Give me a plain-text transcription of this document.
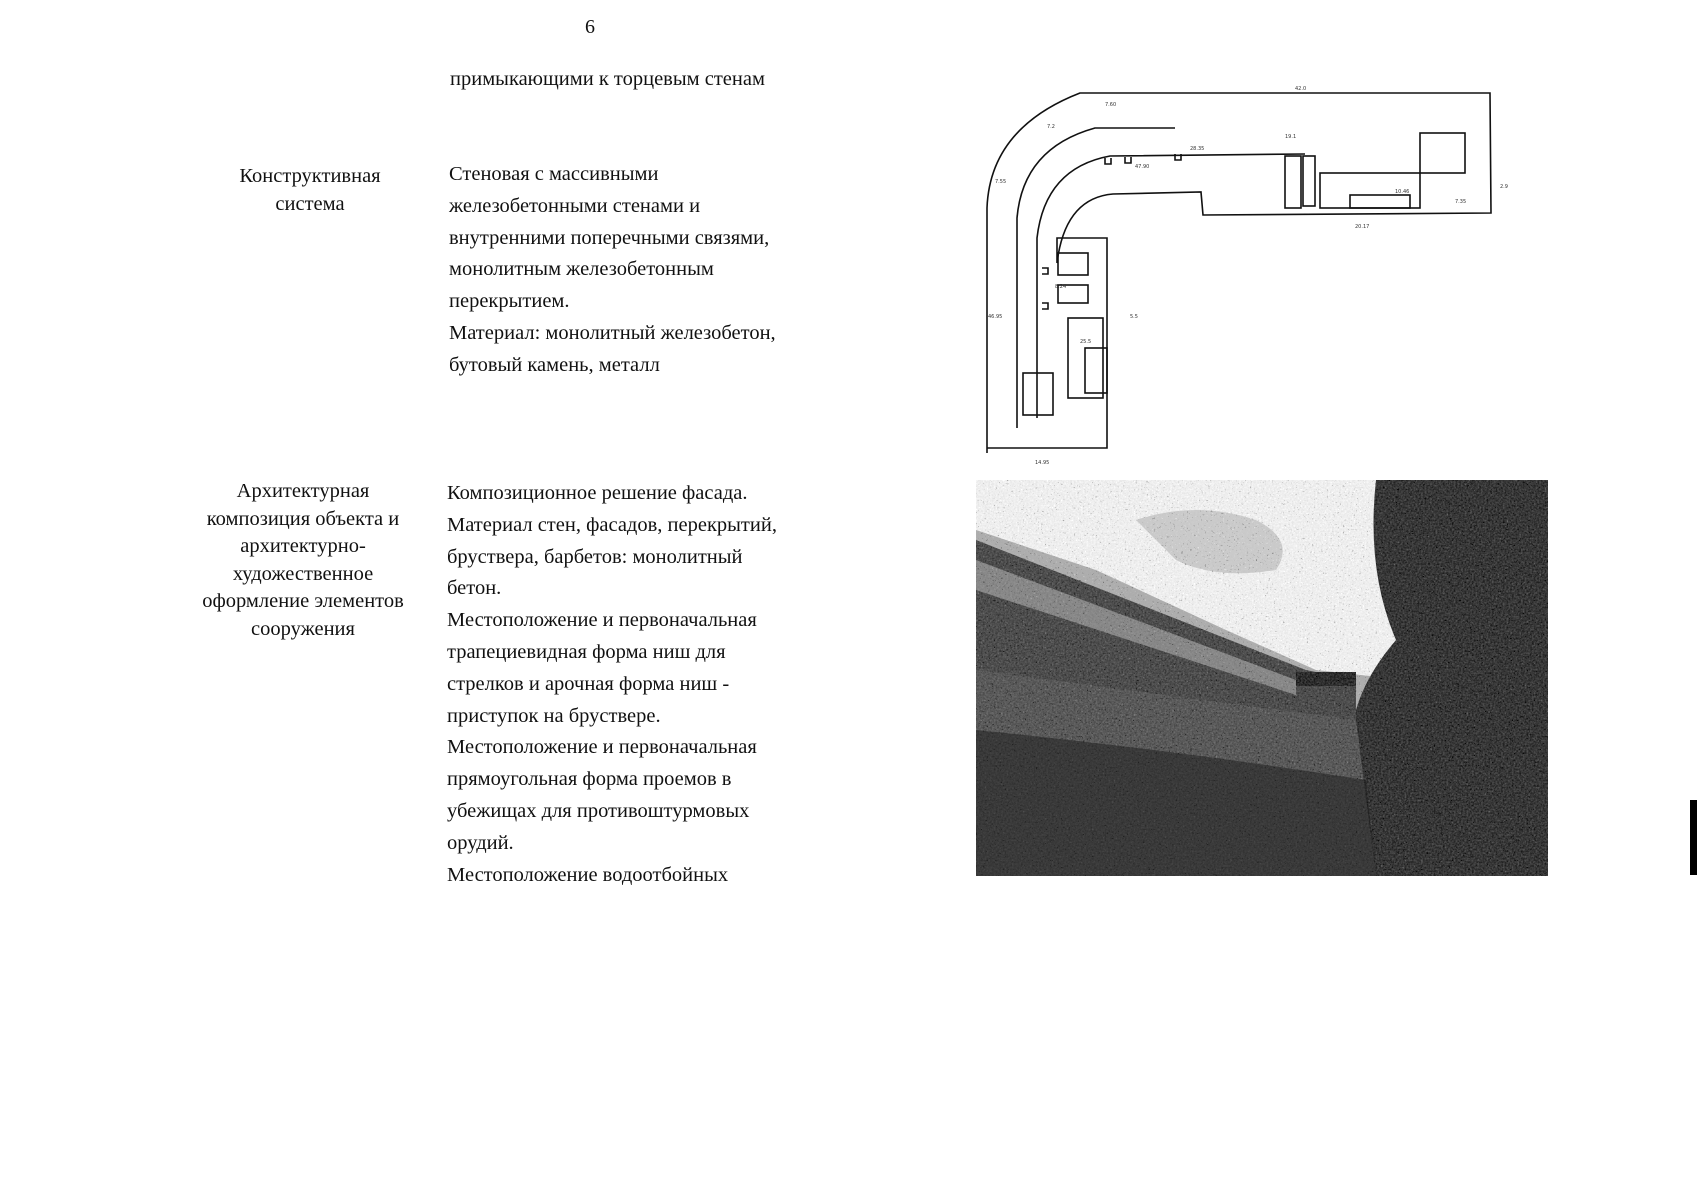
6
примыкающими к торцевым стенам
Конструктивная
система
Стеновая с массивными
железобетонными стенами и
внутренними поперечными связями,
монолитным железобетонным
перекрытием.
Материал: монолитный железобетон,
бутовый камень, металл
42.0
7.60
7.2
7.55
19.1
28.35
47.90
10.46
20.17
7.35
8.24
25.5
46.95	5.5
14.95
2.9
Архитектурная
композиция объекта и
архитектурно-
художественное
оформление элементов
сооружения
Композиционное решение фасада.
Материал стен, фасадов, перекрытий,
бруствера, барбетов: монолитный
бетон.
Местоположение и первоначальная
трапециевидная форма ниш для
стрелков и арочная форма ниш -
приступок на бруствере.
Местоположение и первоначальная
прямоугольная форма проемов в
убежищах для противоштурмовых
орудий.
Местоположение водоотбойных
